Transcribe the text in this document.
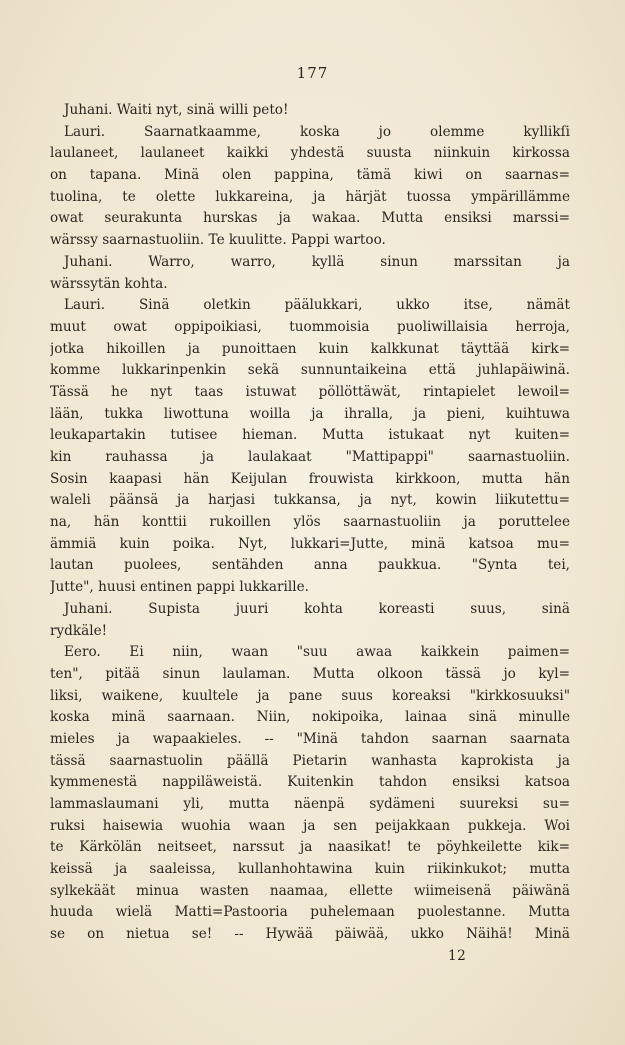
177
Juhani. Waiti nyt, sinä willi peto!
Lauri. Saarnatkaamme, koska jo olemme kyllikſi
laulaneet, laulaneet kaikki yhdestä suusta niinkuin kirkossa
on tapana. Minä olen pappina, tämä kiwi on saarnas=
tuolina, te olette lukkareina, ja härjät tuossa ympärillämme
owat seurakunta hurskas ja wakaa. Mutta ensiksi marssi=
wärssy saarnastuoliin. Te kuulitte. Pappi wartoo.
Juhani. Warro, warro, kyllä sinun marssitan ja
wärssytän kohta.
Lauri. Sinä oletkin päälukkari, ukko itse, nämät
muut owat oppipoikiasi, tuommoisia puoliwillaisia herroja,
jotka hikoillen ja punoittaen kuin kalkkunat täyttää kirk=
komme lukkarinpenkin sekä sunnuntaikeina että juhlapäiwinä.
Tässä he nyt taas istuwat pöllöttäwät, rintapielet lewoil=
lään, tukka liwottuna woilla ja ihralla, ja pieni, kuihtuwa
leukapartakin tutisee hieman. Mutta istukaat nyt kuiten=
kin rauhassa ja laulakaat "Mattipappi" saarnastuoliin.
Sosin kaapasi hän Keijulan frouwista kirkkoon, mutta hän
waleli päänsä ja harjasi tukkansa, ja nyt, kowin liikutettu=
na, hän konttii rukoillen ylös saarnastuoliin ja poruttelee
ämmiä kuin poika. Nyt, lukkari=Jutte, minä katsoa mu=
lautan puolees, sentähden anna paukkua. "Synta tei,
Jutte", huusi entinen pappi lukkarille.
Juhani. Supista juuri kohta koreasti suus, sinä
rydkäle!
Eero. Ei niin, waan "suu awaa kaikkein paimen=
ten", pitää sinun laulaman. Mutta olkoon tässä jo kyl=
liksi, waikene, kuultele ja pane suus koreaksi "kirkkosuuksi"
koska minä saarnaan. Niin, nokipoika, lainaa sinä minulle
mieles ja wapaakieles. -- "Minä tahdon saarnan saarnata
tässä saarnastuolin päällä Pietarin wanhasta kaprokista ja
kymmenestä nappiläweistä. Kuitenkin tahdon ensiksi katsoa
lammaslaumani yli, mutta näenpä sydämeni suureksi su=
ruksi haisewia wuohia waan ja sen peijakkaan pukkeja. Woi
te Kärkölän neitseet, narssut ja naasikat! te pöyhkeilette kik=
keissä ja saaleissa, kullanhohtawina kuin riikinkukot; mutta
sylkekäät minua wasten naamaa, ellette wiimeisenä päiwänä
huuda wielä Matti=Pastooria puhelemaan puolestanne. Mutta
se on nietua se! -- Hywää päiwää, ukko Näihä! Minä
12
